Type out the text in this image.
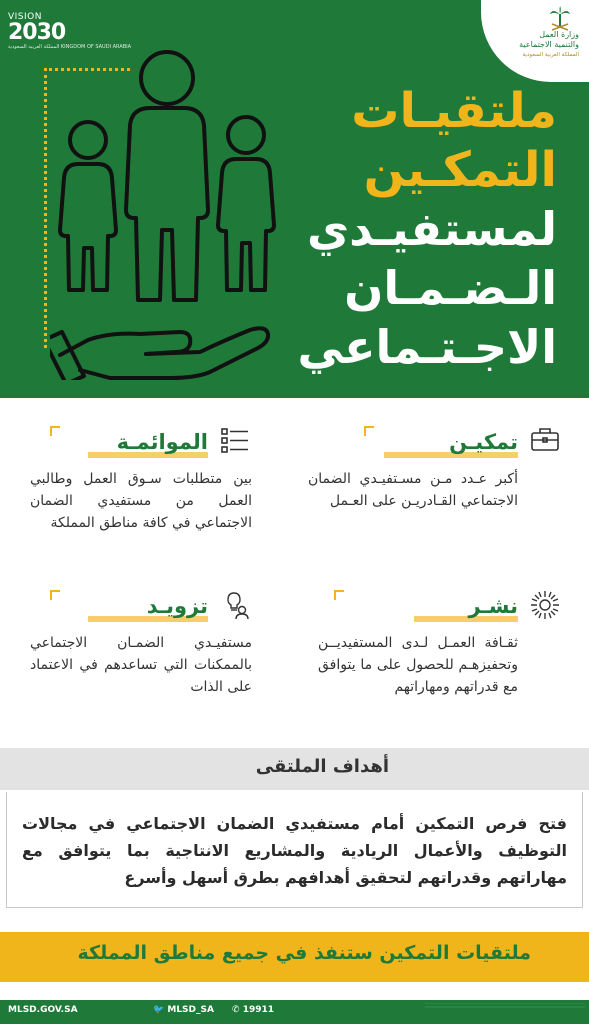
VISION
2030
المملكة العربية السعودية KINGDOM OF SAUDI ARABIA
وزارة العمل
والتنمية الاجتماعية
المملكة العربية السعودية
ملتقيـات
التمكـين
لمستفيـدي
الـضـمـان
الاجـتـماعي
تمكيـن
أكبر عـدد مـن مسـتفيـدي الضمان الاجتماعي القـادريـن على العـمل
الموائمـة
بين متطلبات سـوق العمل وطالبي العمل من مستفيدي الضمان الاجتماعي في كافة مناطق المملكة
نشـر
ثقـافة العمـل لـدى المستفيديــن وتحفيزهـم للحصول على ما يتوافق مع قدراتهم ومهاراتهم
تزويـد
مستفيـدي الضمـان الاجتماعي بالممكنات التي تساعدهم في الاعتماد على الذات
أهداف الملتقى
فتح فرص التمكين أمام مستفيدي الضمان الاجتماعي في مجالات التوظيف والأعمال الريادية والمشاريع الانتاجية بما يتوافق مع مهاراتهم وقدراتهم لتحقيق أهدافهم بطرق أسهل وأسرع
ملتقيات التمكين ستنفذ في جميع مناطق المملكة
MLSD.GOV.SA	🐦 MLSD_SA ✆ 19911
